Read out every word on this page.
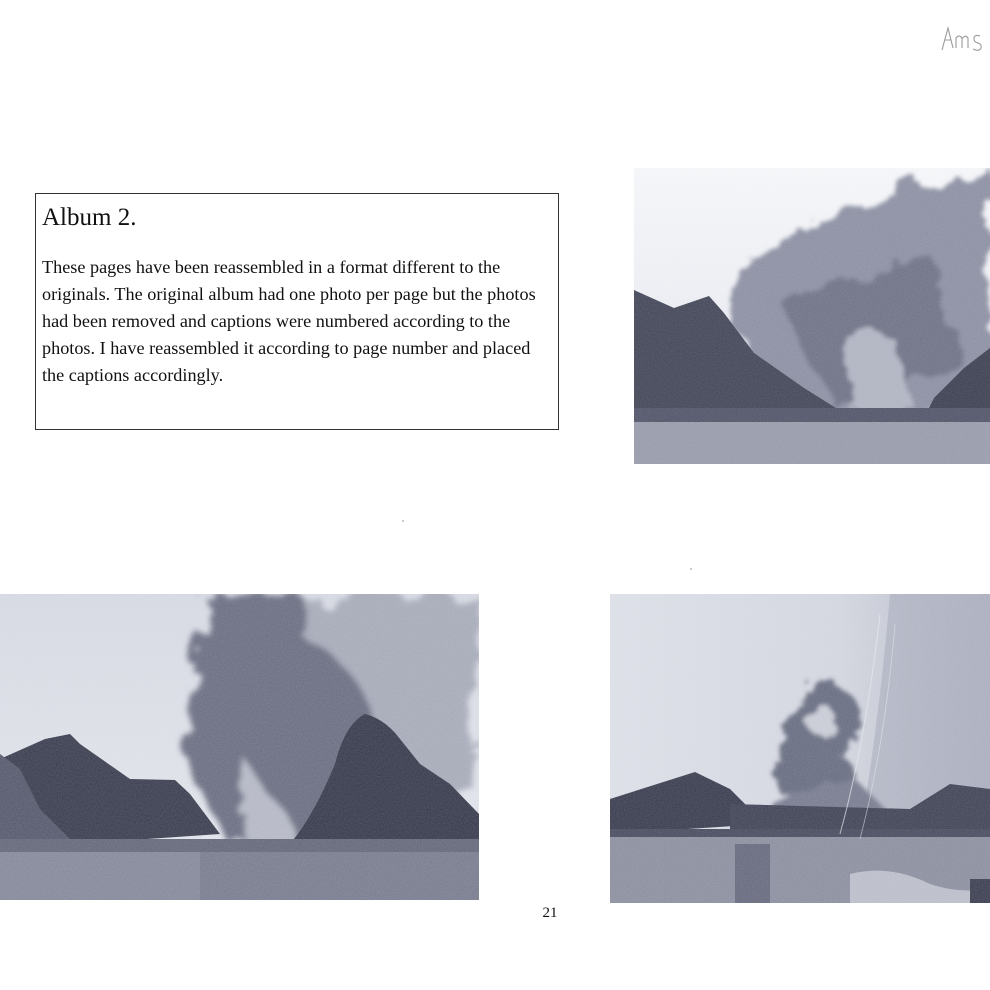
Album 2.

These pages have been reassembled in a format different to the originals. The original album had one photo per page but the photos had been removed and captions were numbered according to the photos. I have reassembled it according to page number and placed the captions accordingly.

21
